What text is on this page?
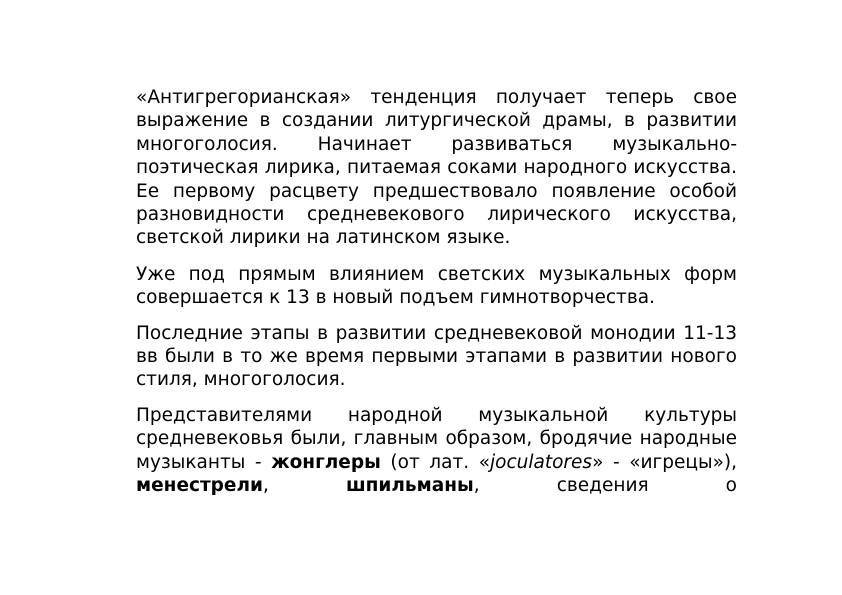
«Антигрегорианская» тенденция получает теперь свое выражение в создании литургической драмы, в развитии многоголосия. Начинает развиваться музыкально-поэтическая лирика, питаемая соками народного искусства. Ее первому расцвету предшествовало появление особой разновидности средневекового лирического искусства, светской лирики на латинском языке.

Уже под прямым влиянием светских музыкальных форм совершается к 13 в новый подъем гимнотворчества.

Последние этапы в развитии средневековой монодии 11-13 вв были в то же время первыми этапами в развитии нового стиля, многоголосия.

Представителями народной музыкальной культуры средневековья были, главным образом, бродячие народные музыканты - жонглеры (от лат. «joculatores» - «игрецы»), менестрели, шпильманы, сведения о
